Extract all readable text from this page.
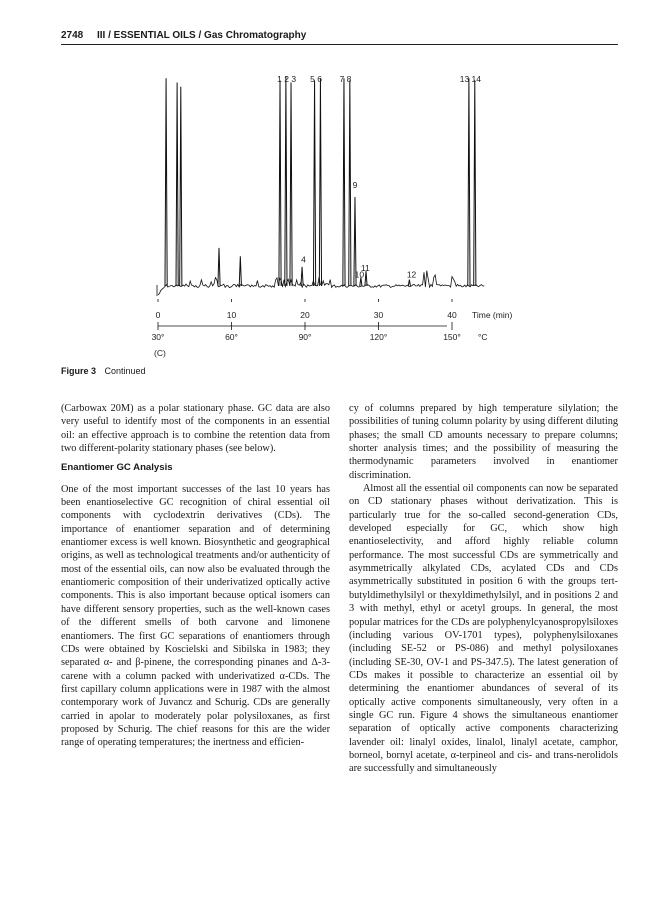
2748 III / ESSENTIAL OILS / Gas Chromatography
0	10	20	30	40 Time (min)
30°	60°	90°	120°	150° °C
(C)
1 2 3 5 6 7 8	13 14
9
4
11
10	12
Figure 3 Continued

(Carbowax 20M) as a polar stationary phase. GC data are also very useful to identify most of the components in an essential oil: an effective approach is to combine the retention data from two different-polarity stationary phases (see below).

Enantiomer GC Analysis

One of the most important successes of the last 10 years has been enantioselective GC recognition of chiral essential oil components with cyclodextrin derivatives (CDs). The importance of enantiomer separation and of determining enantiomer excess is well known. Biosynthetic and geographical origins, as well as technological treatments and/or authenticity of most of the essential oils, can now also be evaluated through the enantiomeric composition of their underivatized optically active components. This is also important because optical isomers can have different sensory properties, such as the well-known cases of the different smells of both carvone and limonene enantiomers. The first GC separations of enantiomers through CDs were obtained by Koscielski and Sibilska in 1983; they separated α- and β-pinene, the corresponding pinanes and Δ-3-carene with a column packed with underivatized α-CDs. The first capillary column applications were in 1987 with the almost contemporary work of Juvancz and Schurig. CDs are generally carried in apolar to moderately polar polysiloxanes, as first proposed by Schurig. The chief reasons for this are the wider range of operating temperatures; the inertness and efficien-

cy of columns prepared by high temperature silylation; the possibilities of tuning column polarity by using different diluting phases; the small CD amounts necessary to prepare columns; shorter analysis times; and the possibility of measuring the thermodynamic parameters involved in enantiomer discrimination.

Almost all the essential oil components can now be separated on CD stationary phases without derivatization. This is particularly true for the so-called second-generation CDs, developed especially for GC, which show high enantioselectivity, and afford highly reliable column performance. The most successful CDs are symmetrically and asymmetrically alkylated CDs, acylated CDs and CDs asymmetrically substituted in position 6 with the groups tert-butyldimethylsilyl or thexyldimethylsilyl, and in positions 2 and 3 with methyl, ethyl or acetyl groups. In general, the most popular matrices for the CDs are polyphenylcyanospropylsiloxes (including various OV-1701 types), polyphenylsiloxanes (including SE-52 or PS-086) and methyl polysiloxanes (including SE-30, OV-1 and PS-347.5). The latest generation of CDs makes it possible to characterize an essential oil by determining the enantiomer abundances of several of its optically active components simultaneously, very often in a single GC run. Figure 4 shows the simultaneous enantiomer separation of optically active components characterizing lavender oil: linalyl oxides, linalol, linalyl acetate, camphor, borneol, bornyl acetate, α-terpineol and cis- and trans-nerolidols are successfully and simultaneously
